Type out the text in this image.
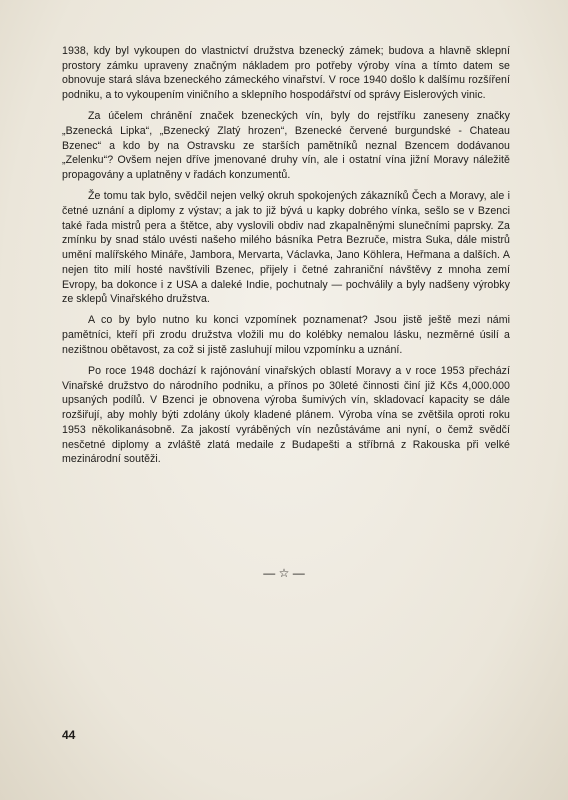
1938, kdy byl vykoupen do vlastnictví družstva bzenecký zámek; budova a hlavně sklepní prostory zámku upraveny značným nákladem pro potřeby výroby vína a tímto datem se obnovuje stará sláva bzeneckého zámeckého vinařství. V roce 1940 došlo k dalšímu rozšíření podniku, a to vykoupením viničního a sklepního hospodářství od správy Eislerových vinic.

Za účelem chránění značek bzeneckých vín, byly do rejstříku zaneseny značky „Bzenecká Lipka“, „Bzenecký Zlatý hrozen“, Bzenecké červené burgundské - Chateau Bzenec“ a kdo by na Ostravsku ze starších pamětníků neznal Bzencem dodávanou „Zelenku“? Ovšem nejen dříve jmenované druhy vín, ale i ostatní vína jižní Moravy náležitě propagovány a uplatněny v řadách konzumentů.

Že tomu tak bylo, svědčil nejen velký okruh spokojených zákazníků Čech a Moravy, ale i četné uznání a diplomy z výstav; a jak to již bývá u kapky dobrého vínka, sešlo se v Bzenci také řada mistrů pera a štětce, aby vyslovili obdiv nad zkapalněnými slunečními paprsky. Za zmínku by snad stálo uvésti našeho milého básníka Petra Bezruče, mistra Suka, dále mistrů umění malířského Mináře, Jambora, Mervarta, Václavka, Jano Köhlera, Heřmana a dalších. A nejen tito milí hosté navštívili Bzenec, přijely i četné zahraniční návštěvy z mnoha zemí Evropy, ba dokonce i z USA a daleké Indie, pochutnaly — pochválily a byly nadšeny výrobky ze sklepů Vinařského družstva.

A co by bylo nutno ku konci vzpomínek poznamenat? Jsou jistě ještě mezi námi pamětníci, kteří při zrodu družstva vložili mu do kolébky nemalou lásku, nezměrné úsilí a nezištnou obětavost, za což si jistě zasluhují milou vzpomínku a uznání.

Po roce 1948 dochází k rajónování vinařských oblastí Moravy a v roce 1953 přechází Vinařské družstvo do národního podniku, a přínos po 30leté činnosti činí již Kčs 4,000.000 upsaných podílů. V Bzenci je obnovena výroba šumivých vín, skladovací kapacity se dále rozšiřují, aby mohly býti zdolány úkoly kladené plánem. Výroba vína se zvětšila oproti roku 1953 několikanásobně. Za jakostí vyráběných vín nezůstáváme ani nyní, o čemž svědčí nesčetné diplomy a zvláště zlatá medaile z Budapešti a stříbrná z Rakouska při velké mezinárodní soutěži.

— ☆ —
44
